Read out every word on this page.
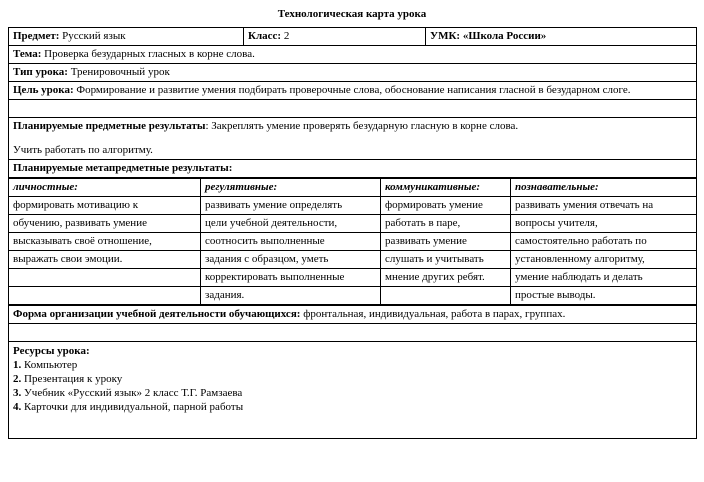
Технологическая карта урока
Предмет: Русский язык	Класс: 2	УМК: «Школа России»
Тема: Проверка безударных гласных в корне слова.
Тип урока: Тренировочный урок
Цель урока: Формирование и развитие умения подбирать проверочные слова, обоснование написания гласной в безударном слоге.

Планируемые предметные результаты: Закреплять умение проверять безударную гласную в корне слова.

Учить работать по алгоритму.

Планируемые метапредметные результаты:
личностные:	регулятивные:	коммуникативные:	познавательные:
формировать мотивацию к	развивать умение определять	формировать умение	развивать умения отвечать на
обучению, развивать умение	цели учебной деятельности,	работать в паре,	вопросы учителя,
высказывать своё отношение,	соотносить выполненные	развивать умение	самостоятельно работать по
выражать свои эмоции.	задания с образцом, уметь	слушать и учитывать	установленному алгоритму,
	корректировать выполненные	мнение других ребят.	умение наблюдать и делать
	задания.		простые выводы.
Форма организации учебной деятельности обучающихся: фронтальная, индивидуальная, работа в парах, группах.

Ресурсы урока:
1. Компьютер
2. Презентация к уроку
3. Учебник «Русский язык» 2 класс Т.Г. Рамзаева
4. Карточки для индивидуальной, парной работы
